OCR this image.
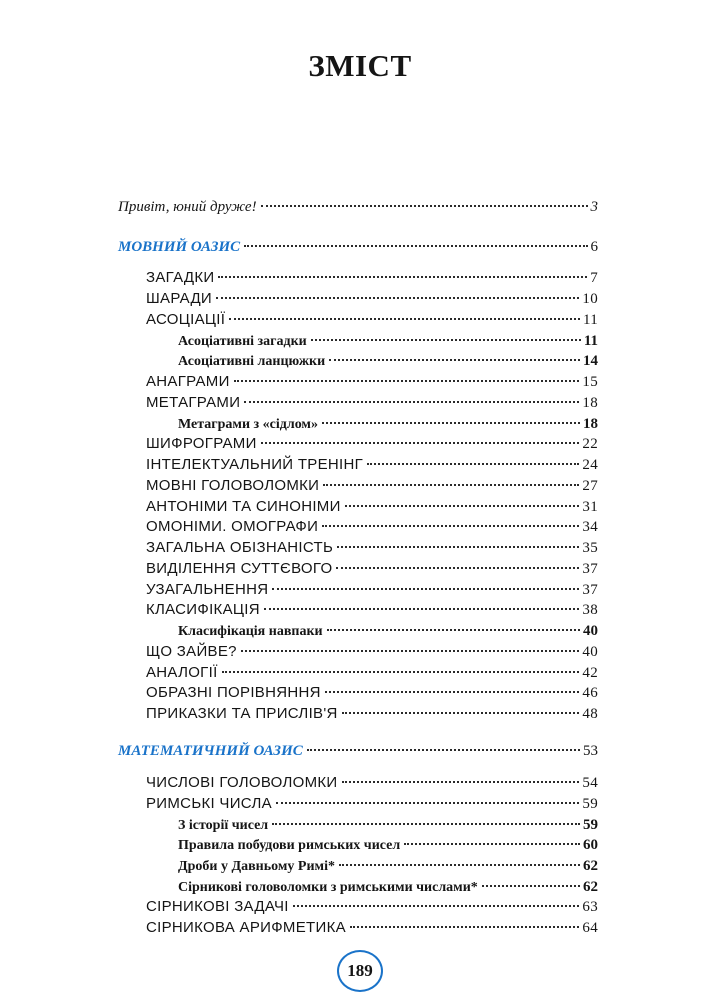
ЗМІСТ
Привіт, юний друже!	3
МОВНИЙ ОАЗИС	6
ЗАГАДКИ	7
ШАРАДИ	10
АСОЦІАЦІЇ	11
Асоціативні загадки	11
Асоціативні ланцюжки	14
АНАГРАМИ	15
МЕТАГРАМИ	18
Метаграми з «сідлом»	18
ШИФРОГРАМИ	22
ІНТЕЛЕКТУАЛЬНИЙ ТРЕНІНГ	24
МОВНІ ГОЛОВОЛОМКИ	27
АНТОНІМИ ТА СИНОНІМИ	31
ОМОНІМИ. ОМОГРАФИ	34
ЗАГАЛЬНА ОБІЗНАНІСТЬ	35
ВИДІЛЕННЯ СУТТЄВОГО	37
УЗАГАЛЬНЕННЯ	37
КЛАСИФІКАЦІЯ	38
Класифікація навпаки	40
ЩО ЗАЙВЕ?	40
АНАЛОГІЇ	42
ОБРАЗНІ ПОРІВНЯННЯ	46
ПРИКАЗКИ ТА ПРИСЛІВ'Я	48
МАТЕМАТИЧНИЙ ОАЗИС	53
ЧИСЛОВІ ГОЛОВОЛОМКИ	54
РИМСЬКІ ЧИСЛА	59
З історії чисел	59
Правила побудови римських чисел	60
Дроби у Давньому Римі*	62
Сірникові головоломки з римськими числами*	62
СІРНИКОВІ ЗАДАЧІ	63
СІРНИКОВА АРИФМЕТИКА	64
189
